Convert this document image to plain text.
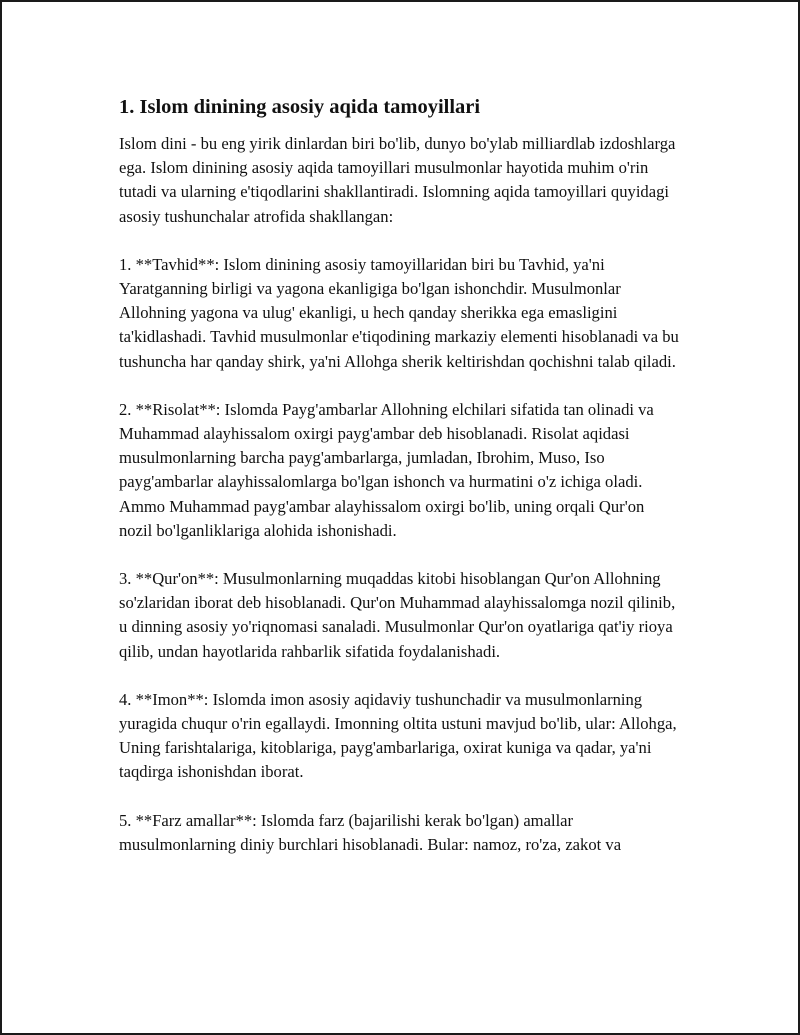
1. Islom dinining asosiy aqida tamoyillari

Islom dini - bu eng yirik dinlardan biri bo'lib, dunyo bo'ylab milliardlab izdoshlarga ega. Islom dinining asosiy aqida tamoyillari musulmonlar hayotida muhim o'rin tutadi va ularning e'tiqodlarini shakllantiradi. Islomning aqida tamoyillari quyidagi asosiy tushunchalar atrofida shakllangan:

1. **Tavhid**: Islom dinining asosiy tamoyillaridan biri bu Tavhid, ya'ni Yaratganning birligi va yagona ekanligiga bo'lgan ishonchdir. Musulmonlar Allohning yagona va ulug' ekanligi, u hech qanday sherikka ega emasligini ta'kidlashadi. Tavhid musulmonlar e'tiqodining markaziy elementi hisoblanadi va bu tushuncha har qanday shirk, ya'ni Allohga sherik keltirishdan qochishni talab qiladi.

2. **Risolat**: Islomda Payg'ambarlar Allohning elchilari sifatida tan olinadi va Muhammad alayhissalom oxirgi payg'ambar deb hisoblanadi. Risolat aqidasi musulmonlarning barcha payg'ambarlarga, jumladan, Ibrohim, Muso, Iso payg'ambarlar alayhissalomlarga bo'lgan ishonch va hurmatini o'z ichiga oladi. Ammo Muhammad payg'ambar alayhissalom oxirgi bo'lib, uning orqali Qur'on nozil bo'lganliklariga alohida ishonishadi.

3. **Qur'on**: Musulmonlarning muqaddas kitobi hisoblangan Qur'on Allohning so'zlaridan iborat deb hisoblanadi. Qur'on Muhammad alayhissalomga nozil qilinib, u dinning asosiy yo'riqnomasi sanaladi. Musulmonlar Qur'on oyatlariga qat'iy rioya qilib, undan hayotlarida rahbarlik sifatida foydalanishadi.

4. **Imon**: Islomda imon asosiy aqidaviy tushunchadir va musulmonlarning yuragida chuqur o'rin egallaydi. Imonning oltita ustuni mavjud bo'lib, ular: Allohga, Uning farishtalariga, kitoblariga, payg'ambarlariga, oxirat kuniga va qadar, ya'ni taqdirga ishonishdan iborat.

5. **Farz amallar**: Islomda farz (bajarilishi kerak bo'lgan) amallar musulmonlarning diniy burchlari hisoblanadi. Bular: namoz, ro'za, zakot va
